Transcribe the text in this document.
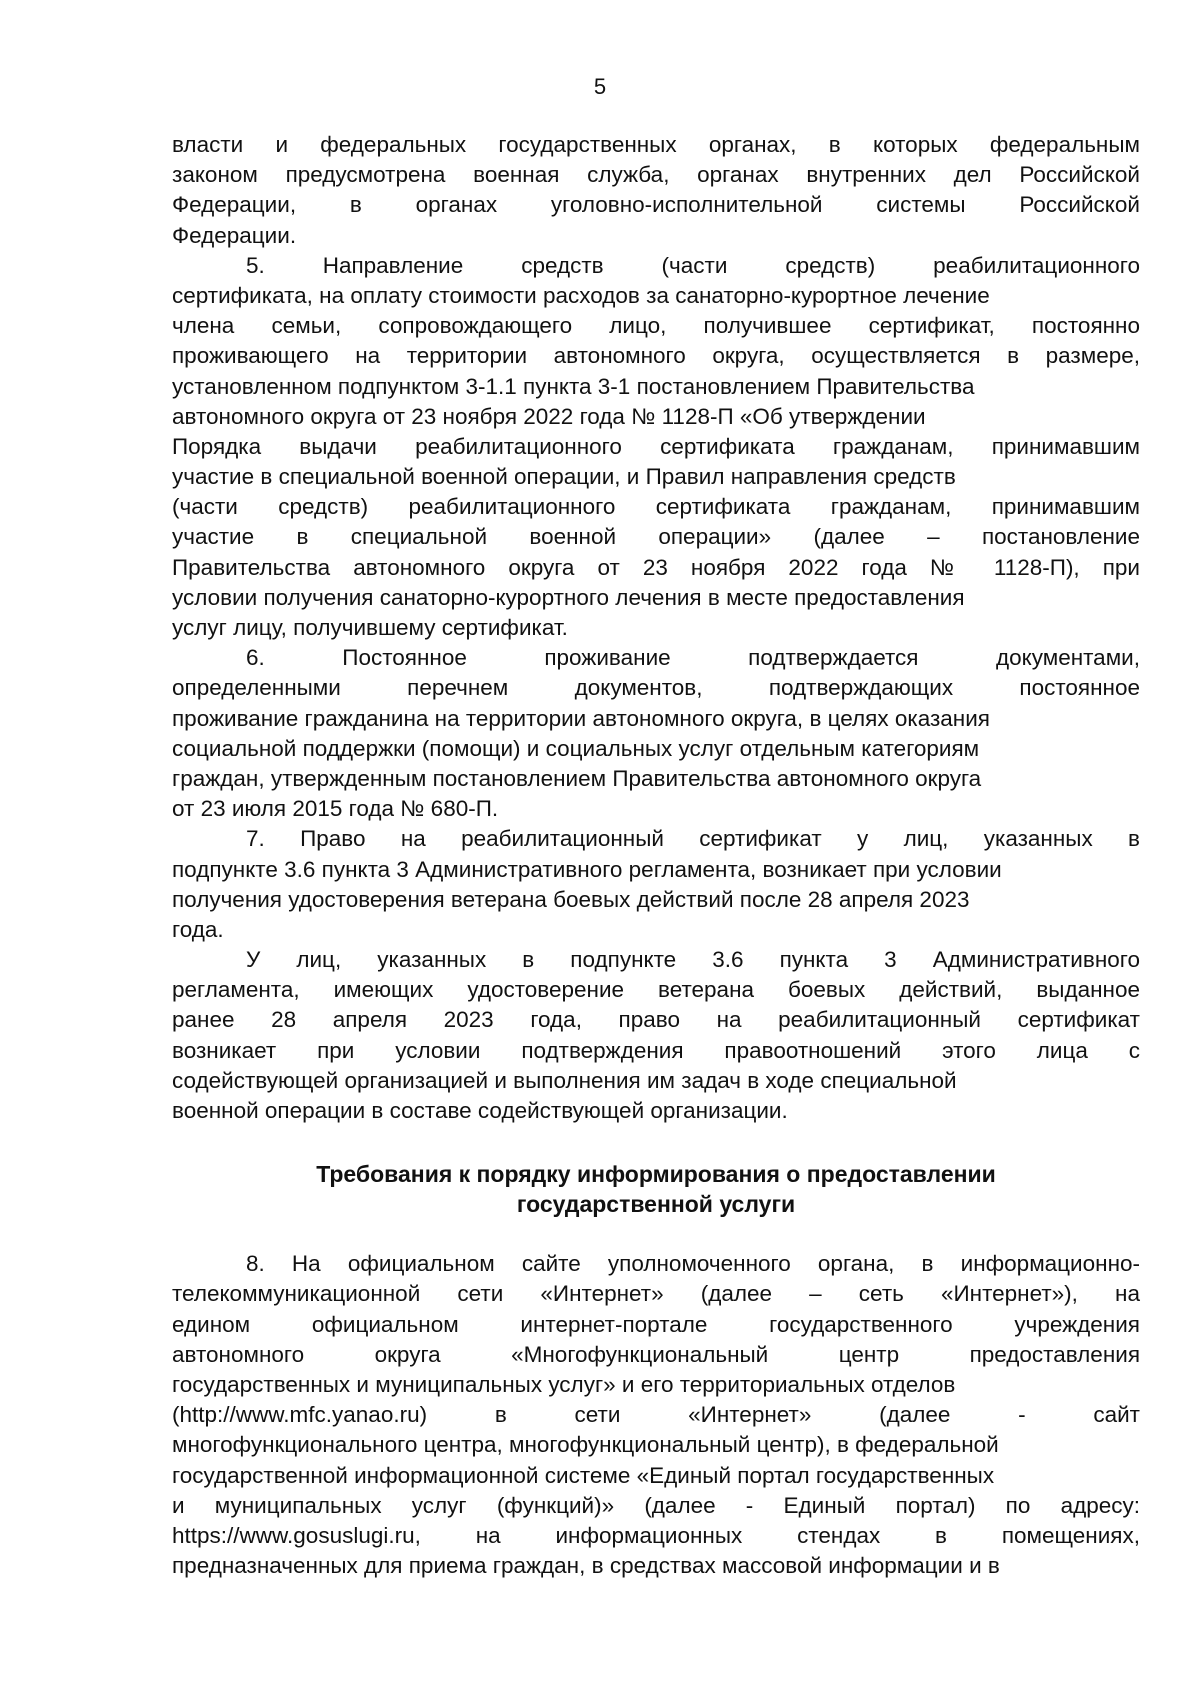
5
власти и федеральных государственных органах, в которых федеральным
законом предусмотрена военная служба, органах внутренних дел Российской
Федерации, в органах уголовно-исполнительной системы Российской
Федерации.
5. Направление средств (части средств) реабилитационного
сертификата, на оплату стоимости расходов за санаторно-курортное лечение
члена семьи, сопровождающего лицо, получившее сертификат, постоянно
проживающего на территории автономного округа, осуществляется в размере,
установленном подпунктом 3-1.1 пункта 3-1 постановлением Правительства
автономного округа от 23 ноября 2022 года № 1128-П «Об утверждении
Порядка выдачи реабилитационного сертификата гражданам, принимавшим
участие в специальной военной операции, и Правил направления средств
(части средств) реабилитационного сертификата гражданам, принимавшим
участие в специальной военной операции» (далее – постановление
Правительства автономного округа от 23 ноября 2022 года № 1128-П), при
условии получения санаторно-курортного лечения в месте предоставления
услуг лицу, получившему сертификат.
6. Постоянное проживание подтверждается документами,
определенными перечнем документов, подтверждающих постоянное
проживание гражданина на территории автономного округа, в целях оказания
социальной поддержки (помощи) и социальных услуг отдельным категориям
граждан, утвержденным постановлением Правительства автономного округа
от 23 июля 2015 года № 680-П.
7. Право на реабилитационный сертификат у лиц, указанных в
подпункте 3.6 пункта 3 Административного регламента, возникает при условии
получения удостоверения ветерана боевых действий после 28 апреля 2023
года.
У лиц, указанных в подпункте 3.6 пункта 3 Административного
регламента, имеющих удостоверение ветерана боевых действий, выданное
ранее 28 апреля 2023 года, право на реабилитационный сертификат
возникает при условии подтверждения правоотношений этого лица с
содействующей организацией и выполнения им задач в ходе специальной
военной операции в составе содействующей организации.
Требования к порядку информирования о предоставлении
государственной услуги
8. На официальном сайте уполномоченного органа, в информационно-
телекоммуникационной сети «Интернет» (далее – сеть «Интернет»), на
едином официальном интернет-портале государственного учреждения
автономного округа «Многофункциональный центр предоставления
государственных и муниципальных услуг» и его территориальных отделов
(http://www.mfc.yanao.ru) в сети «Интернет» (далее - сайт
многофункционального центра, многофункциональный центр), в федеральной
государственной информационной системе «Единый портал государственных
и муниципальных услуг (функций)» (далее - Единый портал) по адресу:
https://www.gosuslugi.ru, на информационных стендах в помещениях,
предназначенных для приема граждан, в средствах массовой информации и в
